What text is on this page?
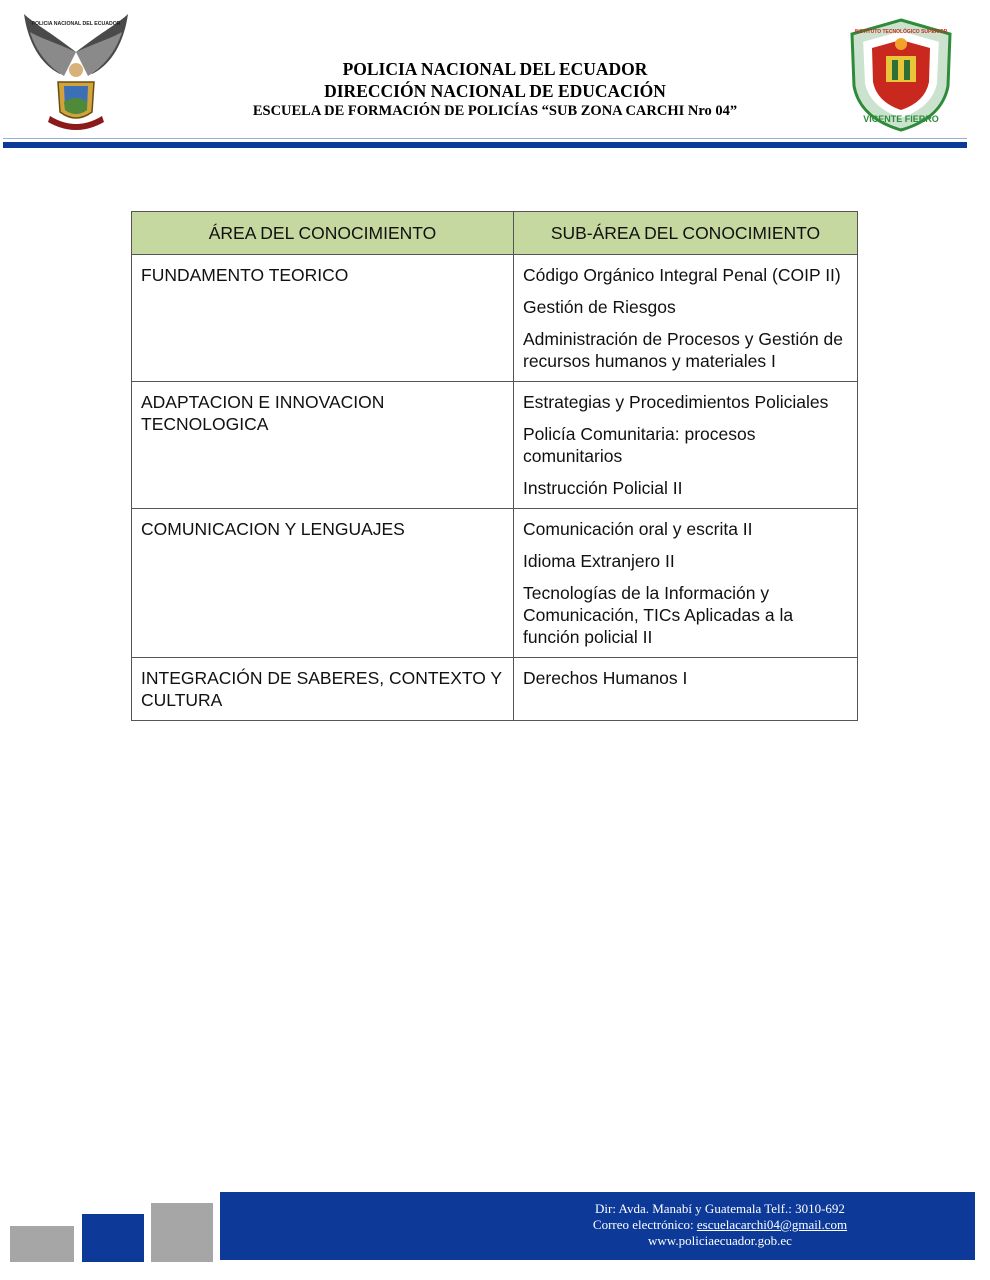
POLICIA NACIONAL DEL ECUADOR
POLICIA NACIONAL DEL ECUADOR
DIRECCIÓN NACIONAL DE EDUCACIÓN
ESCUELA DE FORMACIÓN DE POLICÍAS “SUB ZONA CARCHI Nro 04”
INSTITUTO TECNOLÓGICO SUPERIOR
VICENTE FIERRO
ÁREA DEL CONOCIMIENTO	SUB-ÁREA DEL CONOCIMIENTO
FUNDAMENTO TEORICO	Código Orgánico Integral Penal (COIP II)
Gestión de Riesgos
Administración de Procesos y Gestión de recursos humanos y materiales I

ADAPTACION E INNOVACION TECNOLOGICA	Estrategias y Procedimientos Policiales
Policía Comunitaria: procesos comunitarios
Instrucción Policial II

COMUNICACION Y LENGUAJES	Comunicación oral y escrita II
Idioma Extranjero II
Tecnologías de la Información y Comunicación, TICs Aplicadas a la función policial II

INTEGRACIÓN DE SABERES, CONTEXTO Y CULTURA	Derechos Humanos I
Dir: Avda. Manabí y Guatemala Telf.: 3010-692
Correo electrónico: escuelacarchi04@gmail.com
www.policiaecuador.gob.ec
